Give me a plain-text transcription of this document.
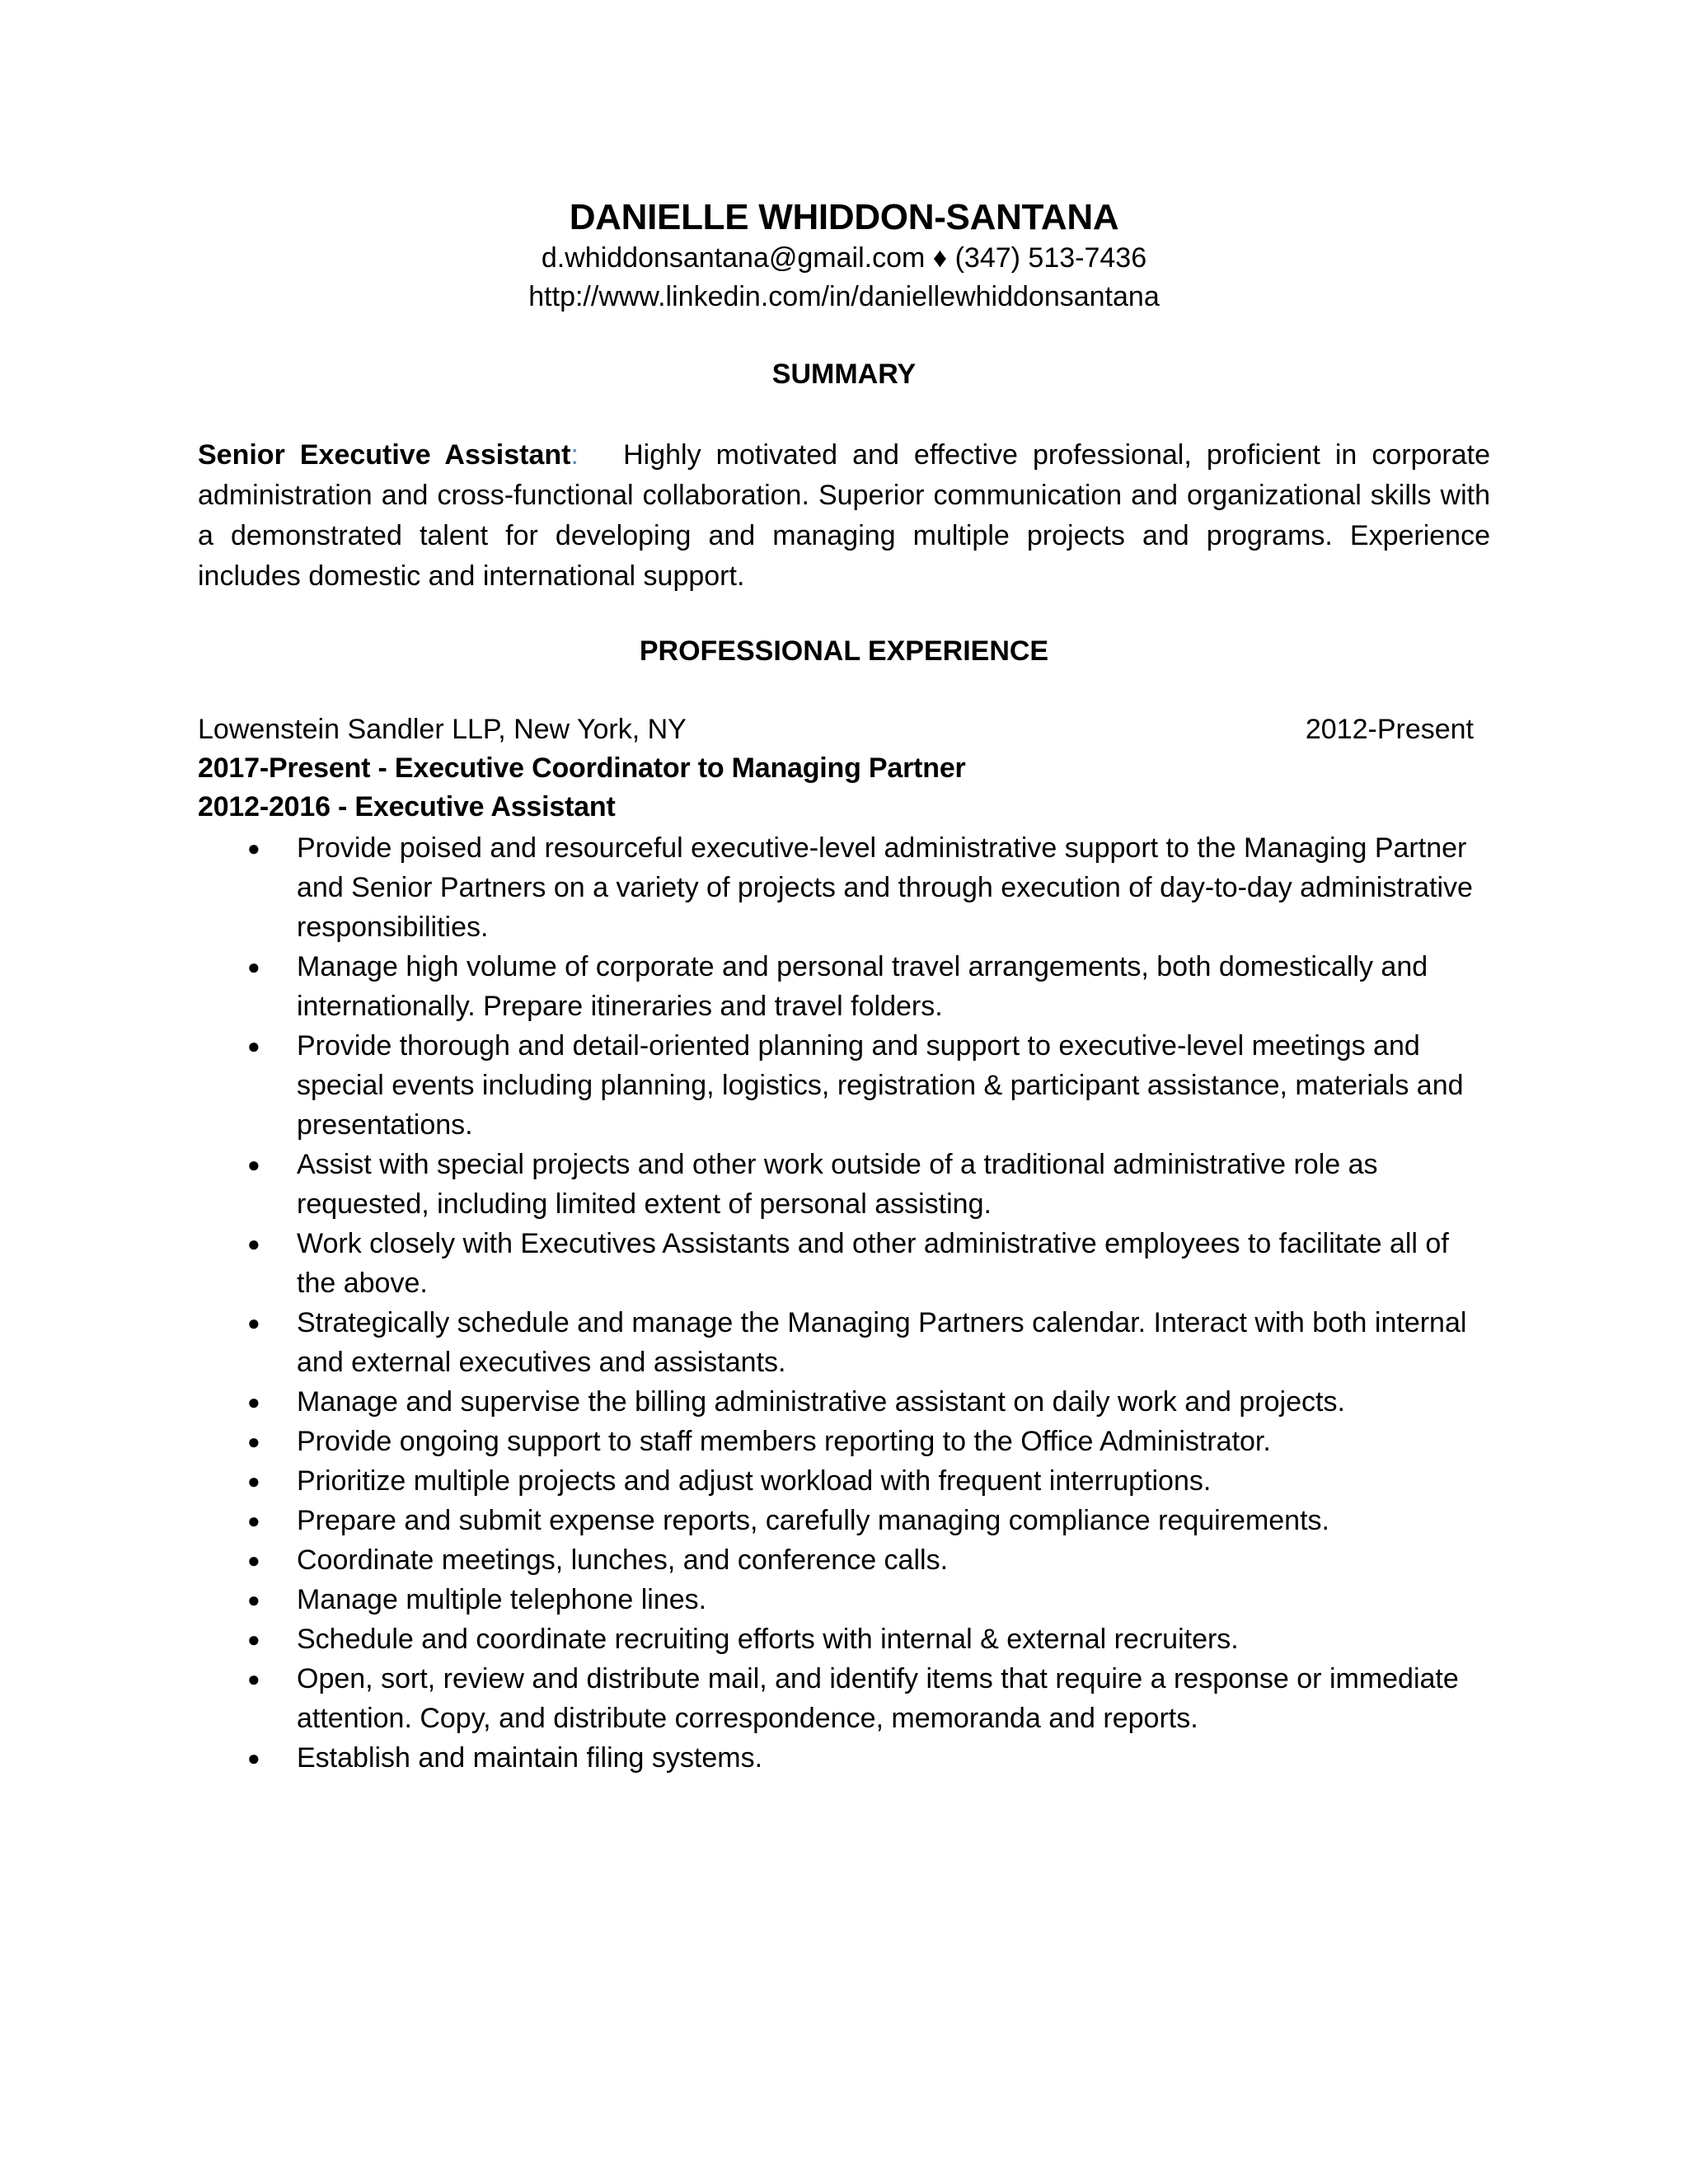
DANIELLE WHIDDON-SANTANA

d.whiddonsantana@gmail.com ♦ (347) 513-7436

http://www.linkedin.com/in/daniellewhiddonsantana

SUMMARY

Senior Executive Assistant: Highly motivated and effective professional, proficient in corporate administration and cross-functional collaboration. Superior communication and organizational skills with a demonstrated talent for developing and managing multiple projects and programs. Experience includes domestic and international support.

PROFESSIONAL EXPERIENCE
Lowenstein Sandler LLP, New York, NY	2012-Present

2017-Present - Executive Coordinator to Managing Partner

2012-2016 - Executive Assistant

● Provide poised and resourceful executive-level administrative support to the Managing Partner and Senior Partners on a variety of projects and through execution of day-to-day administrative responsibilities.
● Manage high volume of corporate and personal travel arrangements, both domestically and internationally. Prepare itineraries and travel folders.
● Provide thorough and detail-oriented planning and support to executive-level meetings and special events including planning, logistics, registration & participant assistance, materials and presentations.
● Assist with special projects and other work outside of a traditional administrative role as requested, including limited extent of personal assisting.
● Work closely with Executives Assistants and other administrative employees to facilitate all of the above.
● Strategically schedule and manage the Managing Partners calendar. Interact with both internal and external executives and assistants.
● Manage and supervise the billing administrative assistant on daily work and projects.
● Provide ongoing support to staff members reporting to the Office Administrator.
● Prioritize multiple projects and adjust workload with frequent interruptions.
● Prepare and submit expense reports, carefully managing compliance requirements.
● Coordinate meetings, lunches, and conference calls.
● Manage multiple telephone lines.
● Schedule and coordinate recruiting efforts with internal & external recruiters.
● Open, sort, review and distribute mail, and identify items that require a response or immediate attention. Copy, and distribute correspondence, memoranda and reports.
● Establish and maintain filing systems.
